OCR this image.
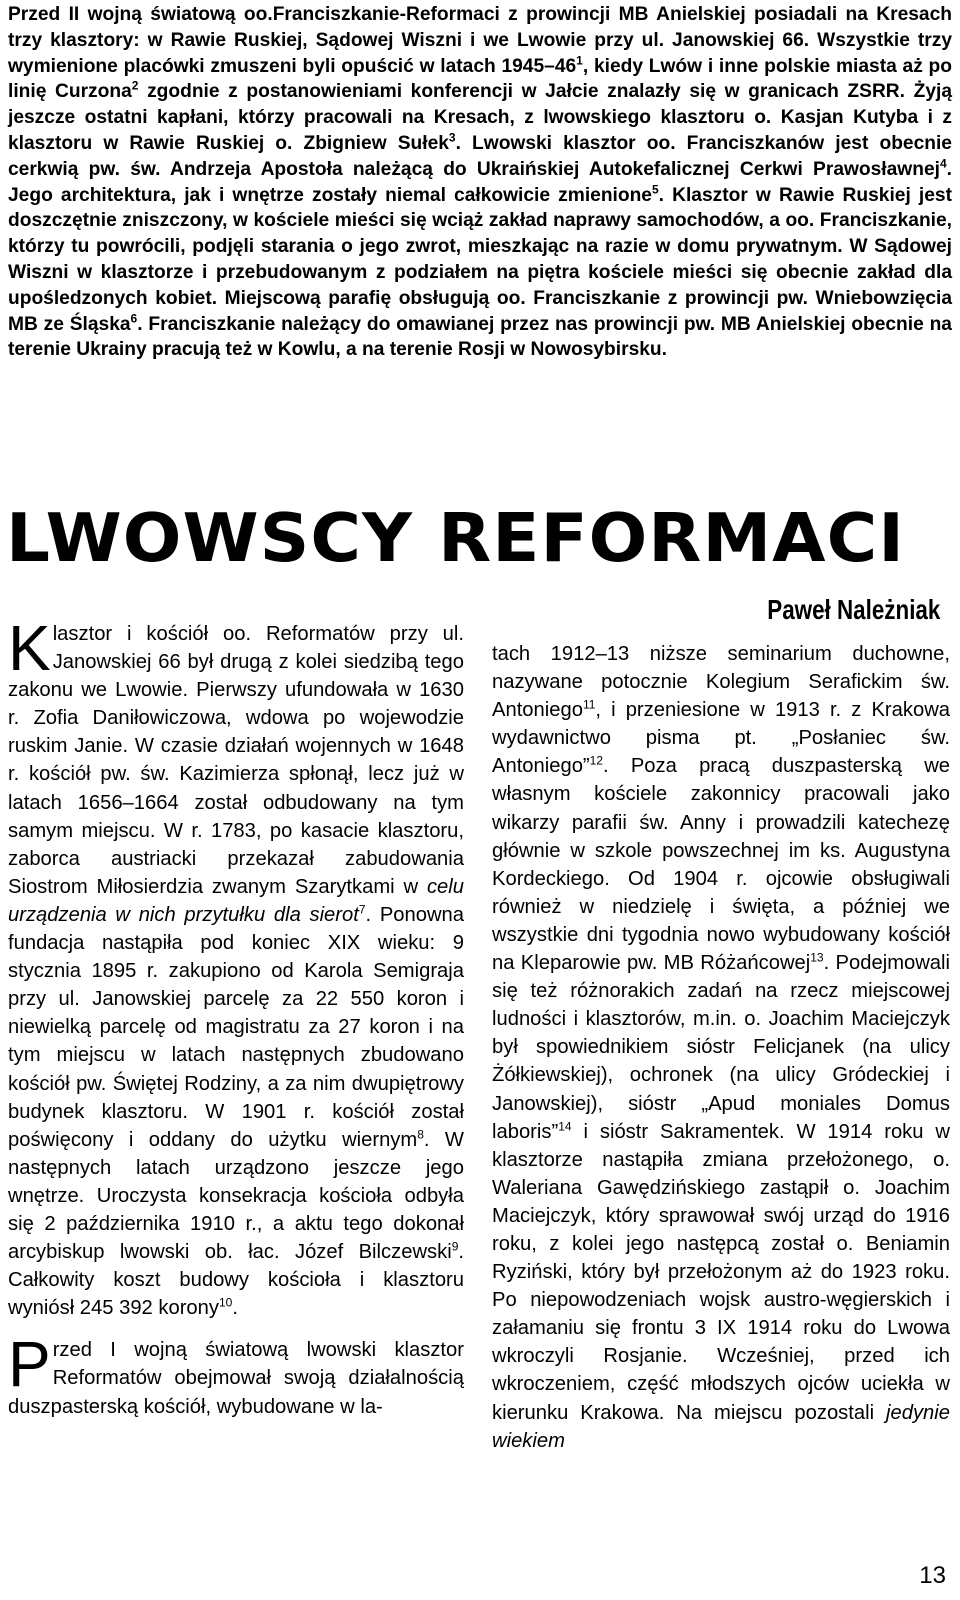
Przed II wojną światową oo.Franciszkanie-Reformaci z prowincji MB Anielskiej posiadali na Kresach trzy klasztory: w Rawie Ruskiej, Sądowej Wiszni i we Lwowie przy ul. Janowskiej 66. Wszystkie trzy wymienione placówki zmuszeni byli opuścić w latach $1945-46^1$, kiedy Lwów i inne polskie miasta aż po linię Curzona$^2$ zgodnie z postanowieniami konferencji w Jałcie znalazły się w granicach ZSRR. Żyją jeszcze ostatni kapłani, którzy pracowali na Kresach, z lwowskiego klasztoru o. Kasjan Kutyba i z klasztoru w Rawie Ruskiej o. Zbigniew Sułek$^3$. Lwowski klasztor oo. Franciszkanów jest obecnie cerkwią pw. św. Andrzeja Apostoła należącą do Ukraińskiej Autokefalicznej Cerkwi Prawosławnej$^4$. Jego architektura, jak i wnętrze zostały niemal całkowicie zmienione$^5$. Klasztor w Rawie Ruskiej jest doszczętnie zniszczony, w kościele mieści się wciąż zakład naprawy samochodów, a oo. Franciszkanie, którzy tu powrócili, podjęli starania o jego zwrot, mieszkając na razie w domu prywatnym. W Sądowej Wiszni w klasztorze i przebudowanym z podziałem na piętra kościele mieści się obecnie zakład dla upośledzonych kobiet. Miejscową parafię obsługują oo. Franciszkanie z prowincji pw. Wniebowzięcia MB ze Śląska$^6$. Franciszkanie należący do omawianej przez nas prowincji pw. MB Anielskiej obecnie na terenie Ukrainy pracują też w Kowlu, a na terenie Rosji w Nowosybirsku.

LWOWSCY REFORMACI
Paweł Należniak

Klasztor i kościół oo. Reformatów przy ul. Janowskiej 66 był drugą z kolei siedzibą tego zakonu we Lwowie. Pierwszy ufundowała w 1630 r. Zofia Daniłowiczowa, wdowa po wojewodzie ruskim Janie. W czasie działań wojennych w 1648 r. kościół pw. św. Kazimierza spłonął, lecz już w latach 1656–1664 został odbudowany na tym samym miejscu. W r. 1783, po kasacie klasztoru, zaborca austriacki przekazał zabudowania Siostrom Miłosierdzia zwanym Szarytkami w celu urządzenia w nich przytułku dla sierot$^7$. Ponowna fundacja nastąpiła pod koniec XIX wieku: 9 stycznia 1895 r. zakupiono od Karola Semigraja przy ul. Janowskiej parcelę za 22 550 koron i niewielką parcelę od magistratu za 27 koron i na tym miejscu w latach następnych zbudowano kościół pw. Świętej Rodziny, a za nim dwupiętrowy budynek klasztoru. W 1901 r. kościół został poświęcony i oddany do użytku wiernym$^8$. W następnych latach urządzono jeszcze jego wnętrze. Uroczysta konsekracja kościoła odbyła się 2 października 1910 r., a aktu tego dokonał arcybiskup lwowski ob. łac. Józef Bilczewski$^9$. Całkowity koszt budowy kościoła i klasztoru wyniósł 245 392 korony$^{10}$.

Przed I wojną światową lwowski klasztor Reformatów obejmował swoją działalnością duszpasterską kościół, wybudowane w la-

tach 1912–13 niższe seminarium duchowne, nazywane potocznie Kolegium Serafickim św. Antoniego$^{11}$, i przeniesione w 1913 r. z Krakowa wydawnictwo pisma pt. „Posłaniec św. Antoniego”$^{12}$. Poza pracą duszpasterską we własnym kościele zakonnicy pracowali jako wikarzy parafii św. Anny i prowadzili katechezę głównie w szkole powszechnej im ks. Augustyna Kordeckiego. Od 1904 r. ojcowie obsługiwali również w niedzielę i święta, a później we wszystkie dni tygodnia nowo wybudowany kościół na Kleparowie pw. MB Różańcowej$^{13}$. Podejmowali się też różnorakich zadań na rzecz miejscowej ludności i klasztorów, m.in. o. Joachim Maciejczyk był spowiednikiem sióstr Felicjanek (na ulicy Żółkiewskiej), ochronek (na ulicy Gródeckiej i Janowskiej), sióstr „Apud moniales Domus laboris”$^{14}$ i sióstr Sakramentek. W 1914 roku w klasztorze nastąpiła zmiana przełożonego, o. Waleriana Gawędzińskiego zastąpił o. Joachim Maciejczyk, który sprawował swój urząd do 1916 roku, z kolei jego następcą został o. Beniamin Ryziński, który był przełożonym aż do 1923 roku. Po niepowodzeniach wojsk austro-węgierskich i załamaniu się frontu 3 IX 1914 roku do Lwowa wkroczyli Rosjanie. Wcześniej, przed ich wkroczeniem, część młodszych ojców uciekła w kierunku Krakowa. Na miejscu pozostali jedynie wiekiem

13
